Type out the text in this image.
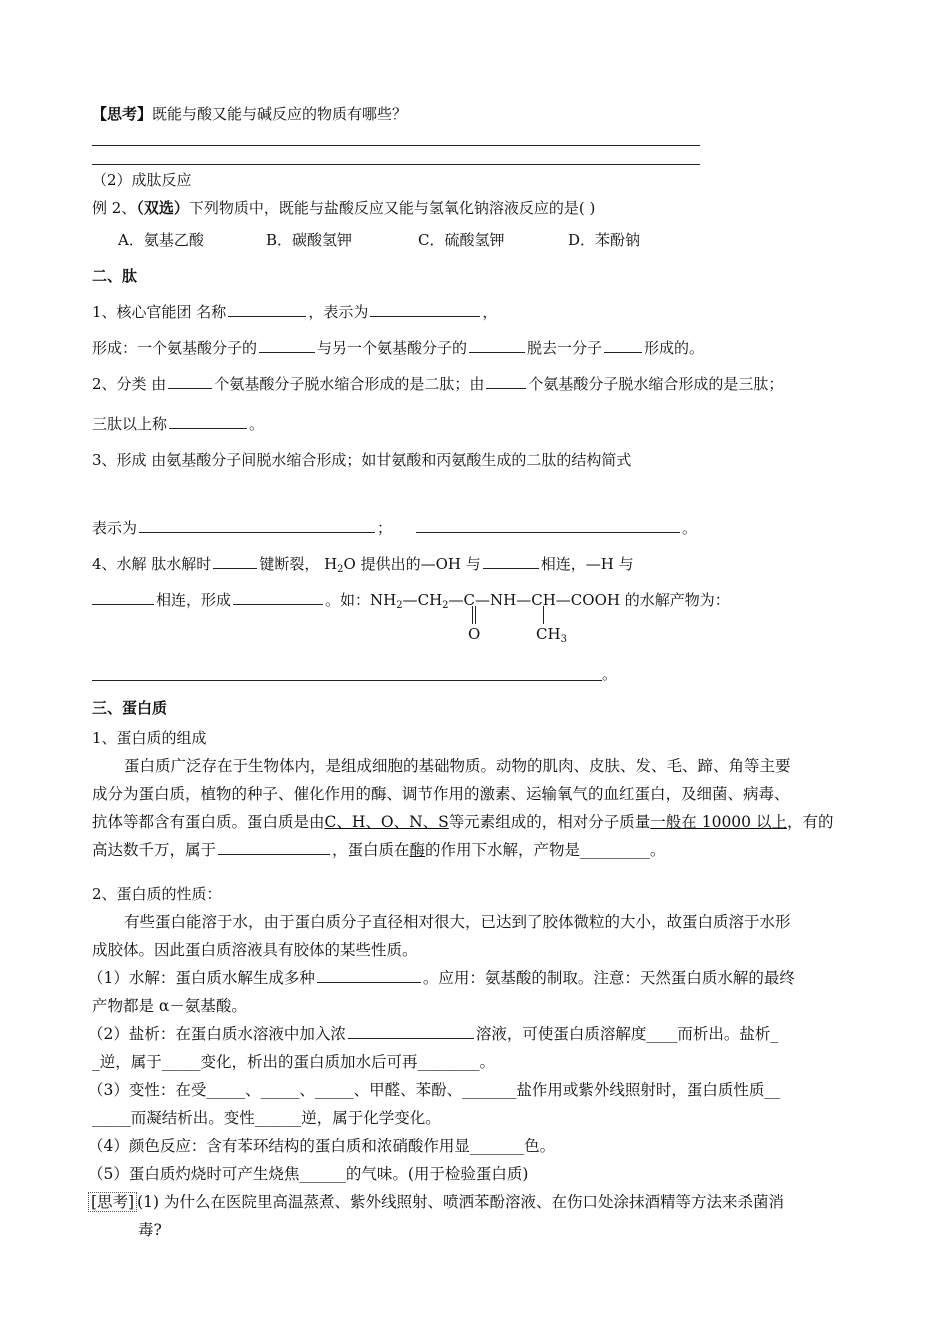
【思考】既能与酸又能与碱反应的物质有哪些？
（2）成肽反应
例 2、（双选）下列物质中，既能与盐酸反应又能与氢氧化钠溶液反应的是( )
A．氨基乙酸	B．碳酸氢钾	C．硫酸氢钾	D．苯酚钠
二、肽
1、核心官能团 名称	，表示为	，
形成：一个氨基酸分子的	与另一个氨基酸分子的	脱去一分子	形成的。
2、分类 由	个氨基酸分子脱水缩合形成的是二肽；由	个氨基酸分子脱水缩合形成的是三肽；
三肽以上称	。
3、形成 由氨基酸分子间脱水缩合形成；如甘氨酸和丙氨酸生成的二肽的结构简式
表示为	；	。
4、水解 肽水解时	键断裂， $H_2O$ 提供出的—OH 与	相连，—H 与
相连，形成	。如：$NH_2—CH_2—C—NH—CH—COOH$ 的水解产物为：
O	$CH_3$
。
三、蛋白质
1、蛋白质的组成
蛋白质广泛存在于生物体内，是组成细胞的基础物质。动物的肌肉、皮肤、发、毛、蹄、角等主要
成分为蛋白质，植物的种子、催化作用的酶、调节作用的激素、运输氧气的血红蛋白，及细菌、病毒、
抗体等都含有蛋白质。蛋白质是由C、H、O、N、S等元素组成的，相对分子质量一般在 10000 以上，有的
高达数千万，属于	，蛋白质在酶的作用下水解，产物是_________。
2、蛋白质的性质：
有些蛋白能溶于水，由于蛋白质分子直径相对很大，已达到了胶体微粒的大小，故蛋白质溶于水形
成胶体。因此蛋白质溶液具有胶体的某些性质。
（1）水解：蛋白质水解生成多种	。应用：氨基酸的制取。注意：天然蛋白质水解的最终
产物都是 α－氨基酸。
（2）盐析：在蛋白质水溶液中加入浓	溶液，可使蛋白质溶解度____而析出。盐析_
_逆，属于_____变化，析出的蛋白质加水后可再________。
（3）变性：在受_____、_____、_____、甲醛、苯酚、_______盐作用或紫外线照射时，蛋白质性质__
_____而凝结析出。变性______逆，属于化学变化。
（4）颜色反应：含有苯环结构的蛋白质和浓硝酸作用显_______色。
（5）蛋白质灼烧时可产生烧焦______的气味。(用于检验蛋白质)
[思考] (1) 为什么在医院里高温蒸煮、紫外线照射、喷洒苯酚溶液、在伤口处涂抹酒精等方法来杀菌消
毒?
